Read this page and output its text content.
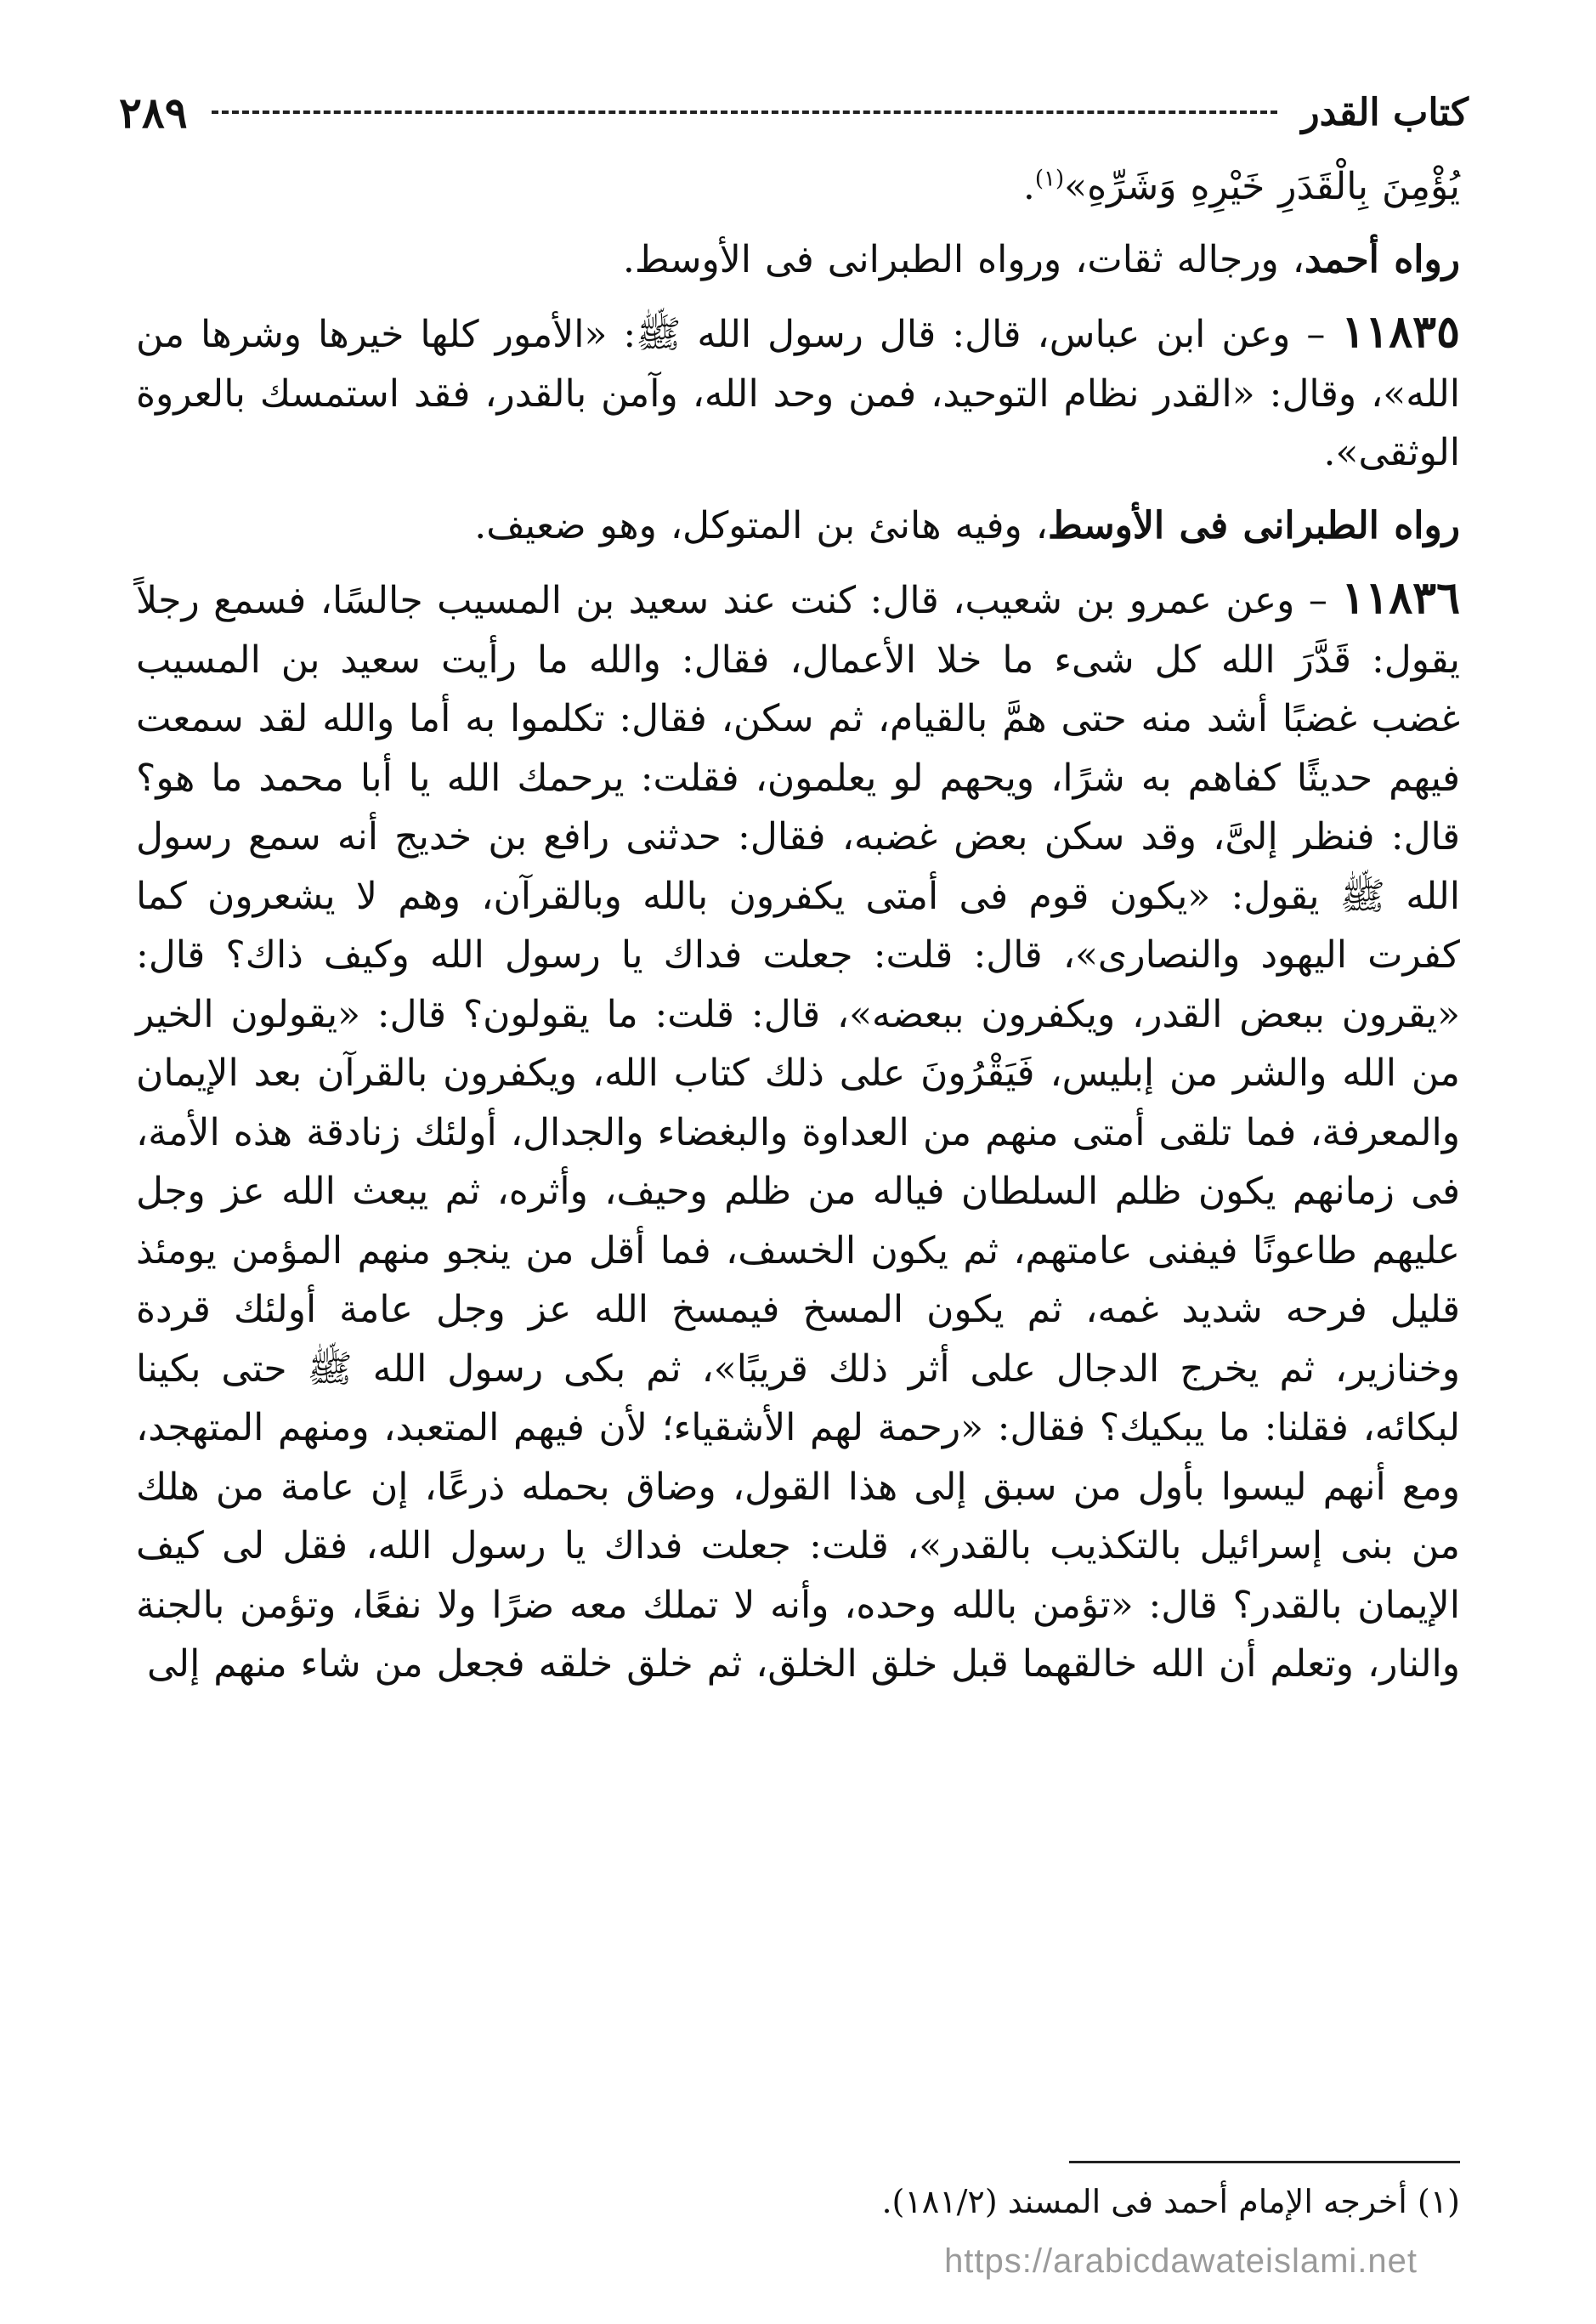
كتاب القدر
٢٨٩

يُؤْمِنَ بِالْقَدَرِ خَيْرِهِ وَشَرِّهِ»$^{(١)}$.

رواه أحمد، ورجاله ثقات، ورواه الطبرانى فى الأوسط.

١١٨٣٥ – وعن ابن عباس، قال: قال رسول الله ﷺ: «الأمور كلها خيرها وشرها من الله»، وقال: «القدر نظام التوحيد، فمن وحد الله، وآمن بالقدر، فقد استمسك بالعروة الوثقى».

رواه الطبرانى فى الأوسط، وفيه هانئ بن المتوكل، وهو ضعيف.

١١٨٣٦ – وعن عمرو بن شعيب، قال: كنت عند سعيد بن المسيب جالسًا، فسمع رجلاً يقول: قَدَّرَ الله كل شىء ما خلا الأعمال، فقال: والله ما رأيت سعيد بن المسيب غضب غضبًا أشد منه حتى همَّ بالقيام، ثم سكن، فقال: تكلموا به أما والله لقد سمعت فيهم حديثًا كفاهم به شرًا، ويحهم لو يعلمون، فقلت: يرحمك الله يا أبا محمد ما هو؟ قال: فنظر إلىَّ، وقد سكن بعض غضبه، فقال: حدثنى رافع بن خديج أنه سمع رسول الله ﷺ يقول: «يكون قوم فى أمتى يكفرون بالله وبالقرآن، وهم لا يشعرون كما كفرت اليهود والنصارى»، قال: قلت: جعلت فداك يا رسول الله وكيف ذاك؟ قال: «يقرون ببعض القدر، ويكفرون ببعضه»، قال: قلت: ما يقولون؟ قال: «يقولون الخير من الله والشر من إبليس، فَيَقْرُونَ على ذلك كتاب الله، ويكفرون بالقرآن بعد الإيمان والمعرفة، فما تلقى أمتى منهم من العداوة والبغضاء والجدال، أولئك زنادقة هذه الأمة، فى زمانهم يكون ظلم السلطان فياله من ظلم وحيف، وأثره، ثم يبعث الله عز وجل عليهم طاعونًا فيفنى عامتهم، ثم يكون الخسف، فما أقل من ينجو منهم المؤمن يومئذ قليل فرحه شديد غمه، ثم يكون المسخ فيمسخ الله عز وجل عامة أولئك قردة وخنازير، ثم يخرج الدجال على أثر ذلك قريبًا»، ثم بكى رسول الله ﷺ حتى بكينا لبكائه، فقلنا: ما يبكيك؟ فقال: «رحمة لهم الأشقياء؛ لأن فيهم المتعبد، ومنهم المتهجد، ومع أنهم ليسوا بأول من سبق إلى هذا القول، وضاق بحمله ذرعًا، إن عامة من هلك من بنى إسرائيل بالتكذيب بالقدر»، قلت: جعلت فداك يا رسول الله، فقل لى كيف الإيمان بالقدر؟ قال: «تؤمن بالله وحده، وأنه لا تملك معه ضرًا ولا نفعًا، وتؤمن بالجنة والنار، وتعلم أن الله خالقهما قبل خلق الخلق، ثم خلق خلقه فجعل من شاء منهم إلى

(١) أخرجه الإمام أحمد فى المسند (١٨١/٢).
https://arabicdawateislami.net
